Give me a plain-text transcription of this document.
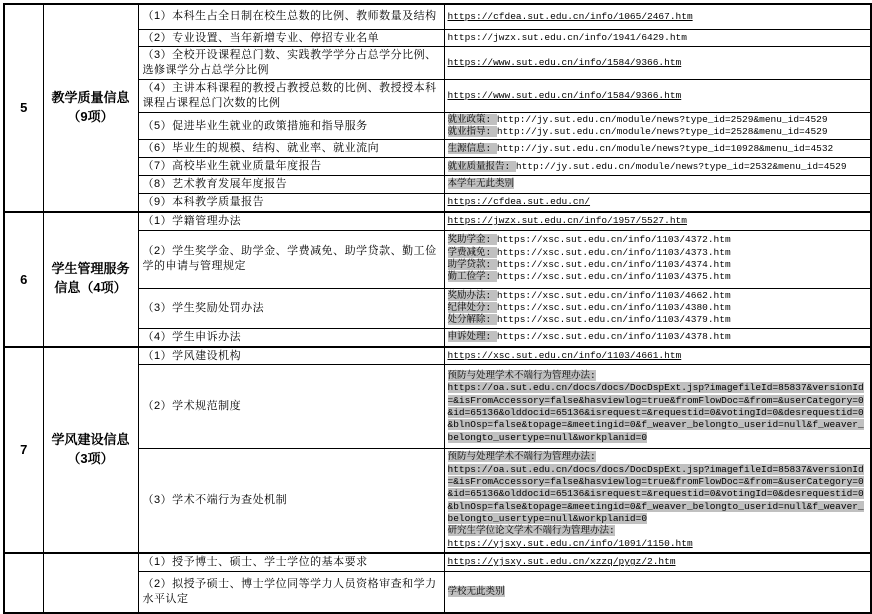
5	教学质量信息（9项）	（1）本科生占全日制在校生总数的比例、教师数量及结构	https://cfdea.sut.edu.cn/info/1065/2467.htm

		（2）专业设置、当年新增专业、停招专业名单	https://jwzx.sut.edu.cn/info/1941/6429.htm

		（3）全校开设课程总门数、实践教学学分占总学分比例、选修课学分占总学分比例	https://www.sut.edu.cn/info/1584/9366.htm

		（4）主讲本科课程的教授占教授总数的比例、教授授本科课程占课程总门次数的比例	https://www.sut.edu.cn/info/1584/9366.htm

		（5）促进毕业生就业的政策措施和指导服务	就业政策: http://jy.sut.edu.cn/module/news?type_id=2529&menu_id=4529
就业指导: http://jy.sut.edu.cn/module/news?type_id=2528&menu_id=4529

		（6）毕业生的规模、结构、就业率、就业流向	生源信息: http://jy.sut.edu.cn/module/news?type_id=10928&menu_id=4532

		（7）高校毕业生就业质量年度报告	就业质量报告: http://jy.sut.edu.cn/module/news?type_id=2532&menu_id=4529

		（8）艺术教育发展年度报告	本学年无此类别

		（9）本科教学质量报告	https://cfdea.sut.edu.cn/

6	学生管理服务信息（4项）	（1）学籍管理办法	https://jwzx.sut.edu.cn/info/1957/5527.htm

		（2）学生奖学金、助学金、学费减免、助学贷款、勤工俭学的申请与管理规定	奖助学金: https://xsc.sut.edu.cn/info/1103/4372.htm
学费减免: https://xsc.sut.edu.cn/info/1103/4373.htm
助学贷款: https://xsc.sut.edu.cn/info/1103/4374.htm
勤工俭学: https://xsc.sut.edu.cn/info/1103/4375.htm

		（3）学生奖励处罚办法	奖励办法: https://xsc.sut.edu.cn/info/1103/4662.htm
纪律处分: https://xsc.sut.edu.cn/info/1103/4380.htm
处分解除: https://xsc.sut.edu.cn/info/1103/4379.htm

		（4）学生申诉办法	申诉处理: https://xsc.sut.edu.cn/info/1103/4378.htm

7	学风建设信息（3项）	（1）学风建设机构	https://xsc.sut.edu.cn/info/1103/4661.htm

		（2）学术规范制度	预防与处理学术不端行为管理办法:
https://oa.sut.edu.cn/docs/docs/DocDspExt.jsp?imagefileId=85837&versionId=&isFromAccessory=false&hasviewlog=true&fromFlowDoc=&from=&userCategory=0&id=65136&olddocid=65136&isrequest=&requestid=0&votingId=0&desrequestid=0&blnOsp=false&topage=&meetingid=0&f_weaver_belongto_userid=null&f_weaver_belongto_usertype=null&workplanid=0

		（3）学术不端行为查处机制	预防与处理学术不端行为管理办法:
https://oa.sut.edu.cn/docs/docs/DocDspExt.jsp?imagefileId=85837&versionId=&isFromAccessory=false&hasviewlog=true&fromFlowDoc=&from=&userCategory=0&id=65136&olddocid=65136&isrequest=&requestid=0&votingId=0&desrequestid=0&blnOsp=false&topage=&meetingid=0&f_weaver_belongto_userid=null&f_weaver_belongto_usertype=null&workplanid=0
研究生学位论文学术不端行为管理办法:
https://yjsxy.sut.edu.cn/info/1091/1150.htm

		（1）授予博士、硕士、学士学位的基本要求	https://yjsxy.sut.edu.cn/xzzq/pygz/2.htm

		（2）拟授予硕士、博士学位同等学力人员资格审查和学力水平认定	学校无此类别
